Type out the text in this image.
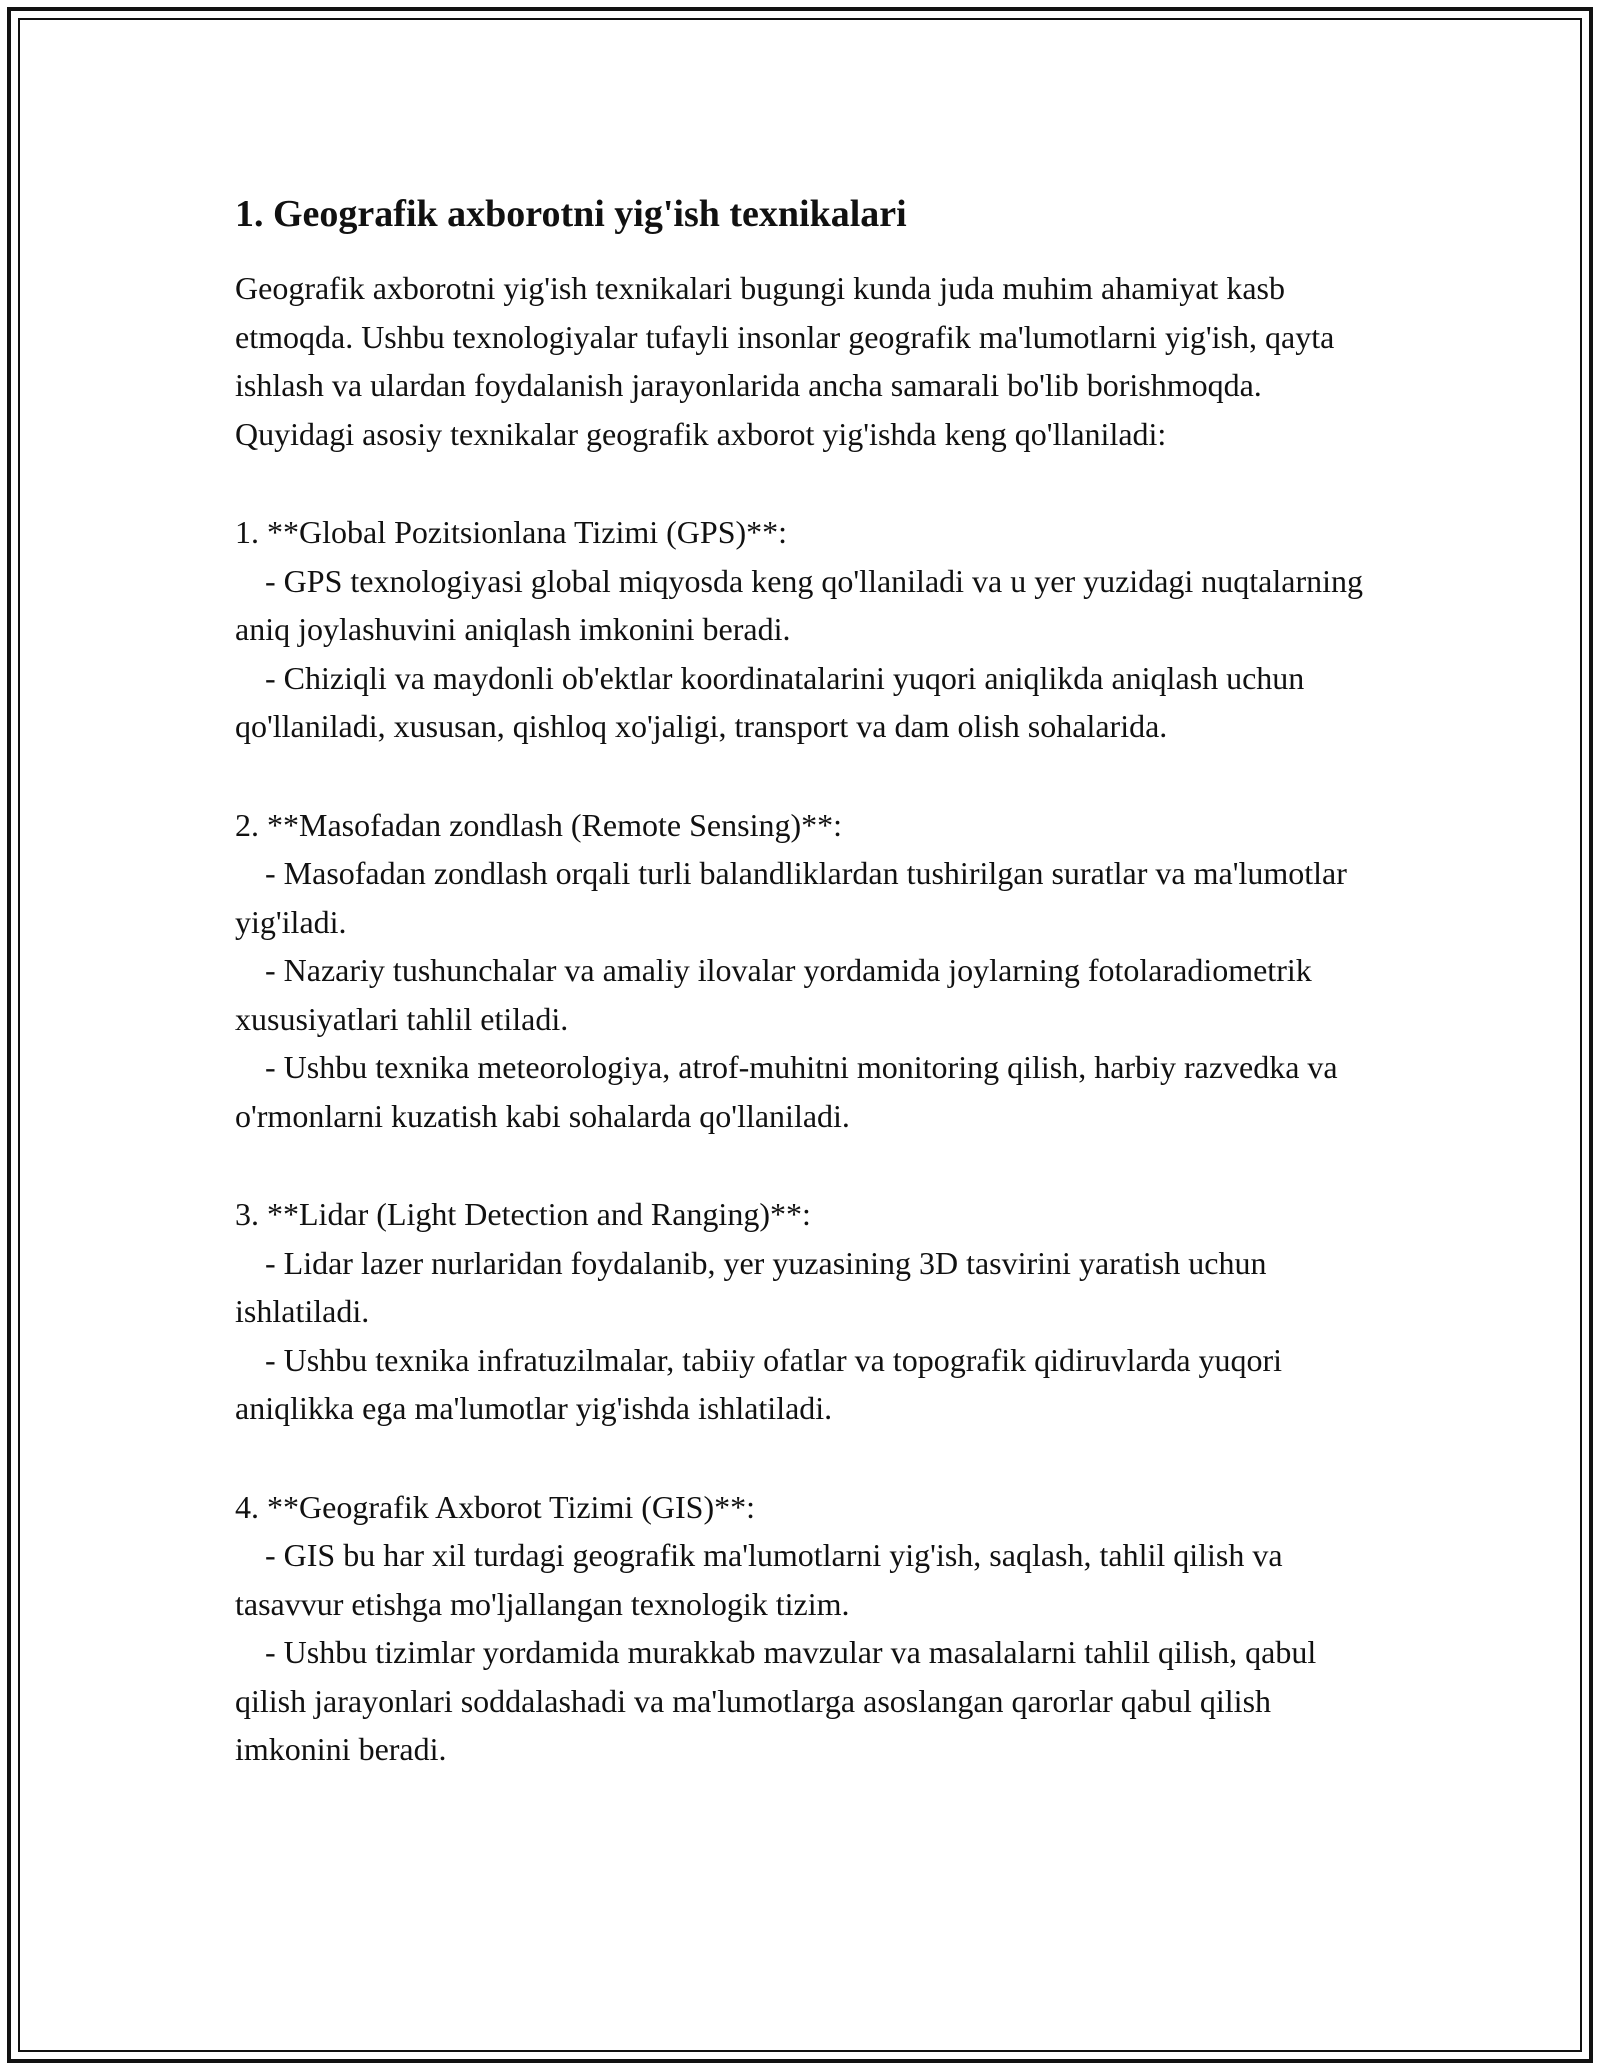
1. Geografik axborotni yig'ish texnikalari

Geografik axborotni yig'ish texnikalari bugungi kunda juda muhim ahamiyat kasb etmoqda. Ushbu texnologiyalar tufayli insonlar geografik ma'lumotlarni yig'ish, qayta ishlash va ulardan foydalanish jarayonlarida ancha samarali bo'lib borishmoqda. Quyidagi asosiy texnikalar geografik axborot yig'ishda keng qo'llaniladi:

1. **Global Pozitsionlana Tizimi (GPS)**:

- GPS texnologiyasi global miqyosda keng qo'llaniladi va u yer yuzidagi nuqtalarning aniq joylashuvini aniqlash imkonini beradi.

- Chiziqli va maydonli ob'ektlar koordinatalarini yuqori aniqlikda aniqlash uchun qo'llaniladi, xususan, qishloq xo'jaligi, transport va dam olish sohalarida.

2. **Masofadan zondlash (Remote Sensing)**:

- Masofadan zondlash orqali turli balandliklardan tushirilgan suratlar va ma'lumotlar yig'iladi.

- Nazariy tushunchalar va amaliy ilovalar yordamida joylarning fotolaradiometrik xususiyatlari tahlil etiladi.

- Ushbu texnika meteorologiya, atrof-muhitni monitoring qilish, harbiy razvedka va o'rmonlarni kuzatish kabi sohalarda qo'llaniladi.

3. **Lidar (Light Detection and Ranging)**:

- Lidar lazer nurlaridan foydalanib, yer yuzasining 3D tasvirini yaratish uchun ishlatiladi.

- Ushbu texnika infratuzilmalar, tabiiy ofatlar va topografik qidiruvlarda yuqori aniqlikka ega ma'lumotlar yig'ishda ishlatiladi.

4. **Geografik Axborot Tizimi (GIS)**:

- GIS bu har xil turdagi geografik ma'lumotlarni yig'ish, saqlash, tahlil qilish va tasavvur etishga mo'ljallangan texnologik tizim.

- Ushbu tizimlar yordamida murakkab mavzular va masalalarni tahlil qilish, qabul qilish jarayonlari soddalashadi va ma'lumotlarga asoslangan qarorlar qabul qilish imkonini beradi.
